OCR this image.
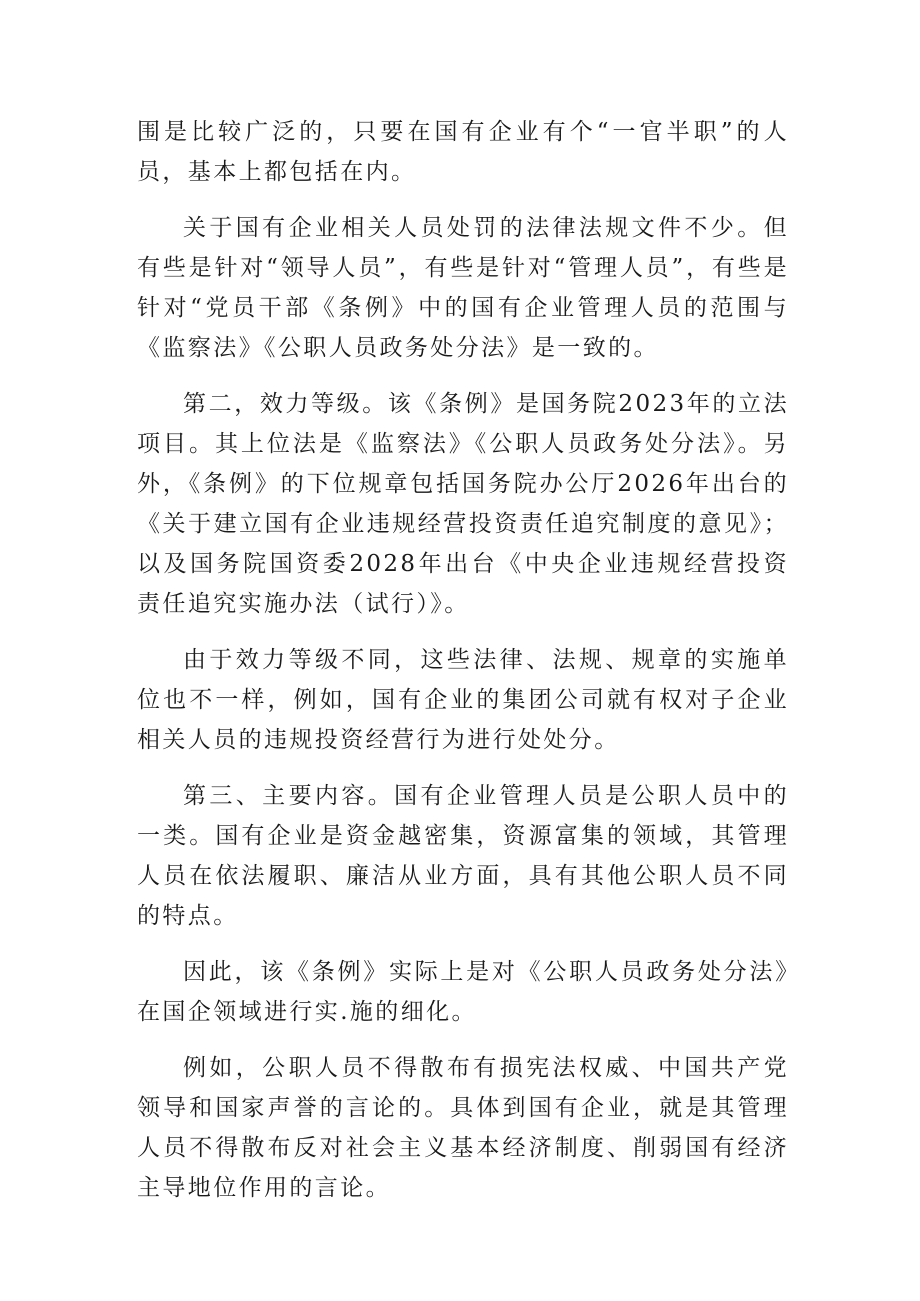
围是比较广泛的，只要在国有企业有个“一官半职”的人员，基本上都包括在内。

关于国有企业相关人员处罚的法律法规文件不少。但有些是针对“领导人员”，有些是针对“管理人员”，有些是针对“党员干部《条例》中的国有企业管理人员的范围与《监察法》《公职人员政务处分法》是一致的。

第二，效力等级。该《条例》是国务院2023年的立法项目。其上位法是《监察法》《公职人员政务处分法》。另外，《条例》的下位规章包括国务院办公厅2026年出台的《关于建立国有企业违规经营投资责任追究制度的意见》；以及国务院国资委2028年出台《中央企业违规经营投资责任追究实施办法（试行）》。

由于效力等级不同，这些法律、法规、规章的实施单位也不一样，例如，国有企业的集团公司就有权对子企业相关人员的违规投资经营行为进行处处分。

第三、主要内容。国有企业管理人员是公职人员中的一类。国有企业是资金越密集，资源富集的领域，其管理人员在依法履职、廉洁从业方面，具有其他公职人员不同的特点。

因此，该《条例》实际上是对《公职人员政务处分法》在国企领域进行实.施的细化。

例如，公职人员不得散布有损宪法权威、中国共产党领导和国家声誉的言论的。具体到国有企业，就是其管理人员不得散布反对社会主义基本经济制度、削弱国有经济主导地位作用的言论。
